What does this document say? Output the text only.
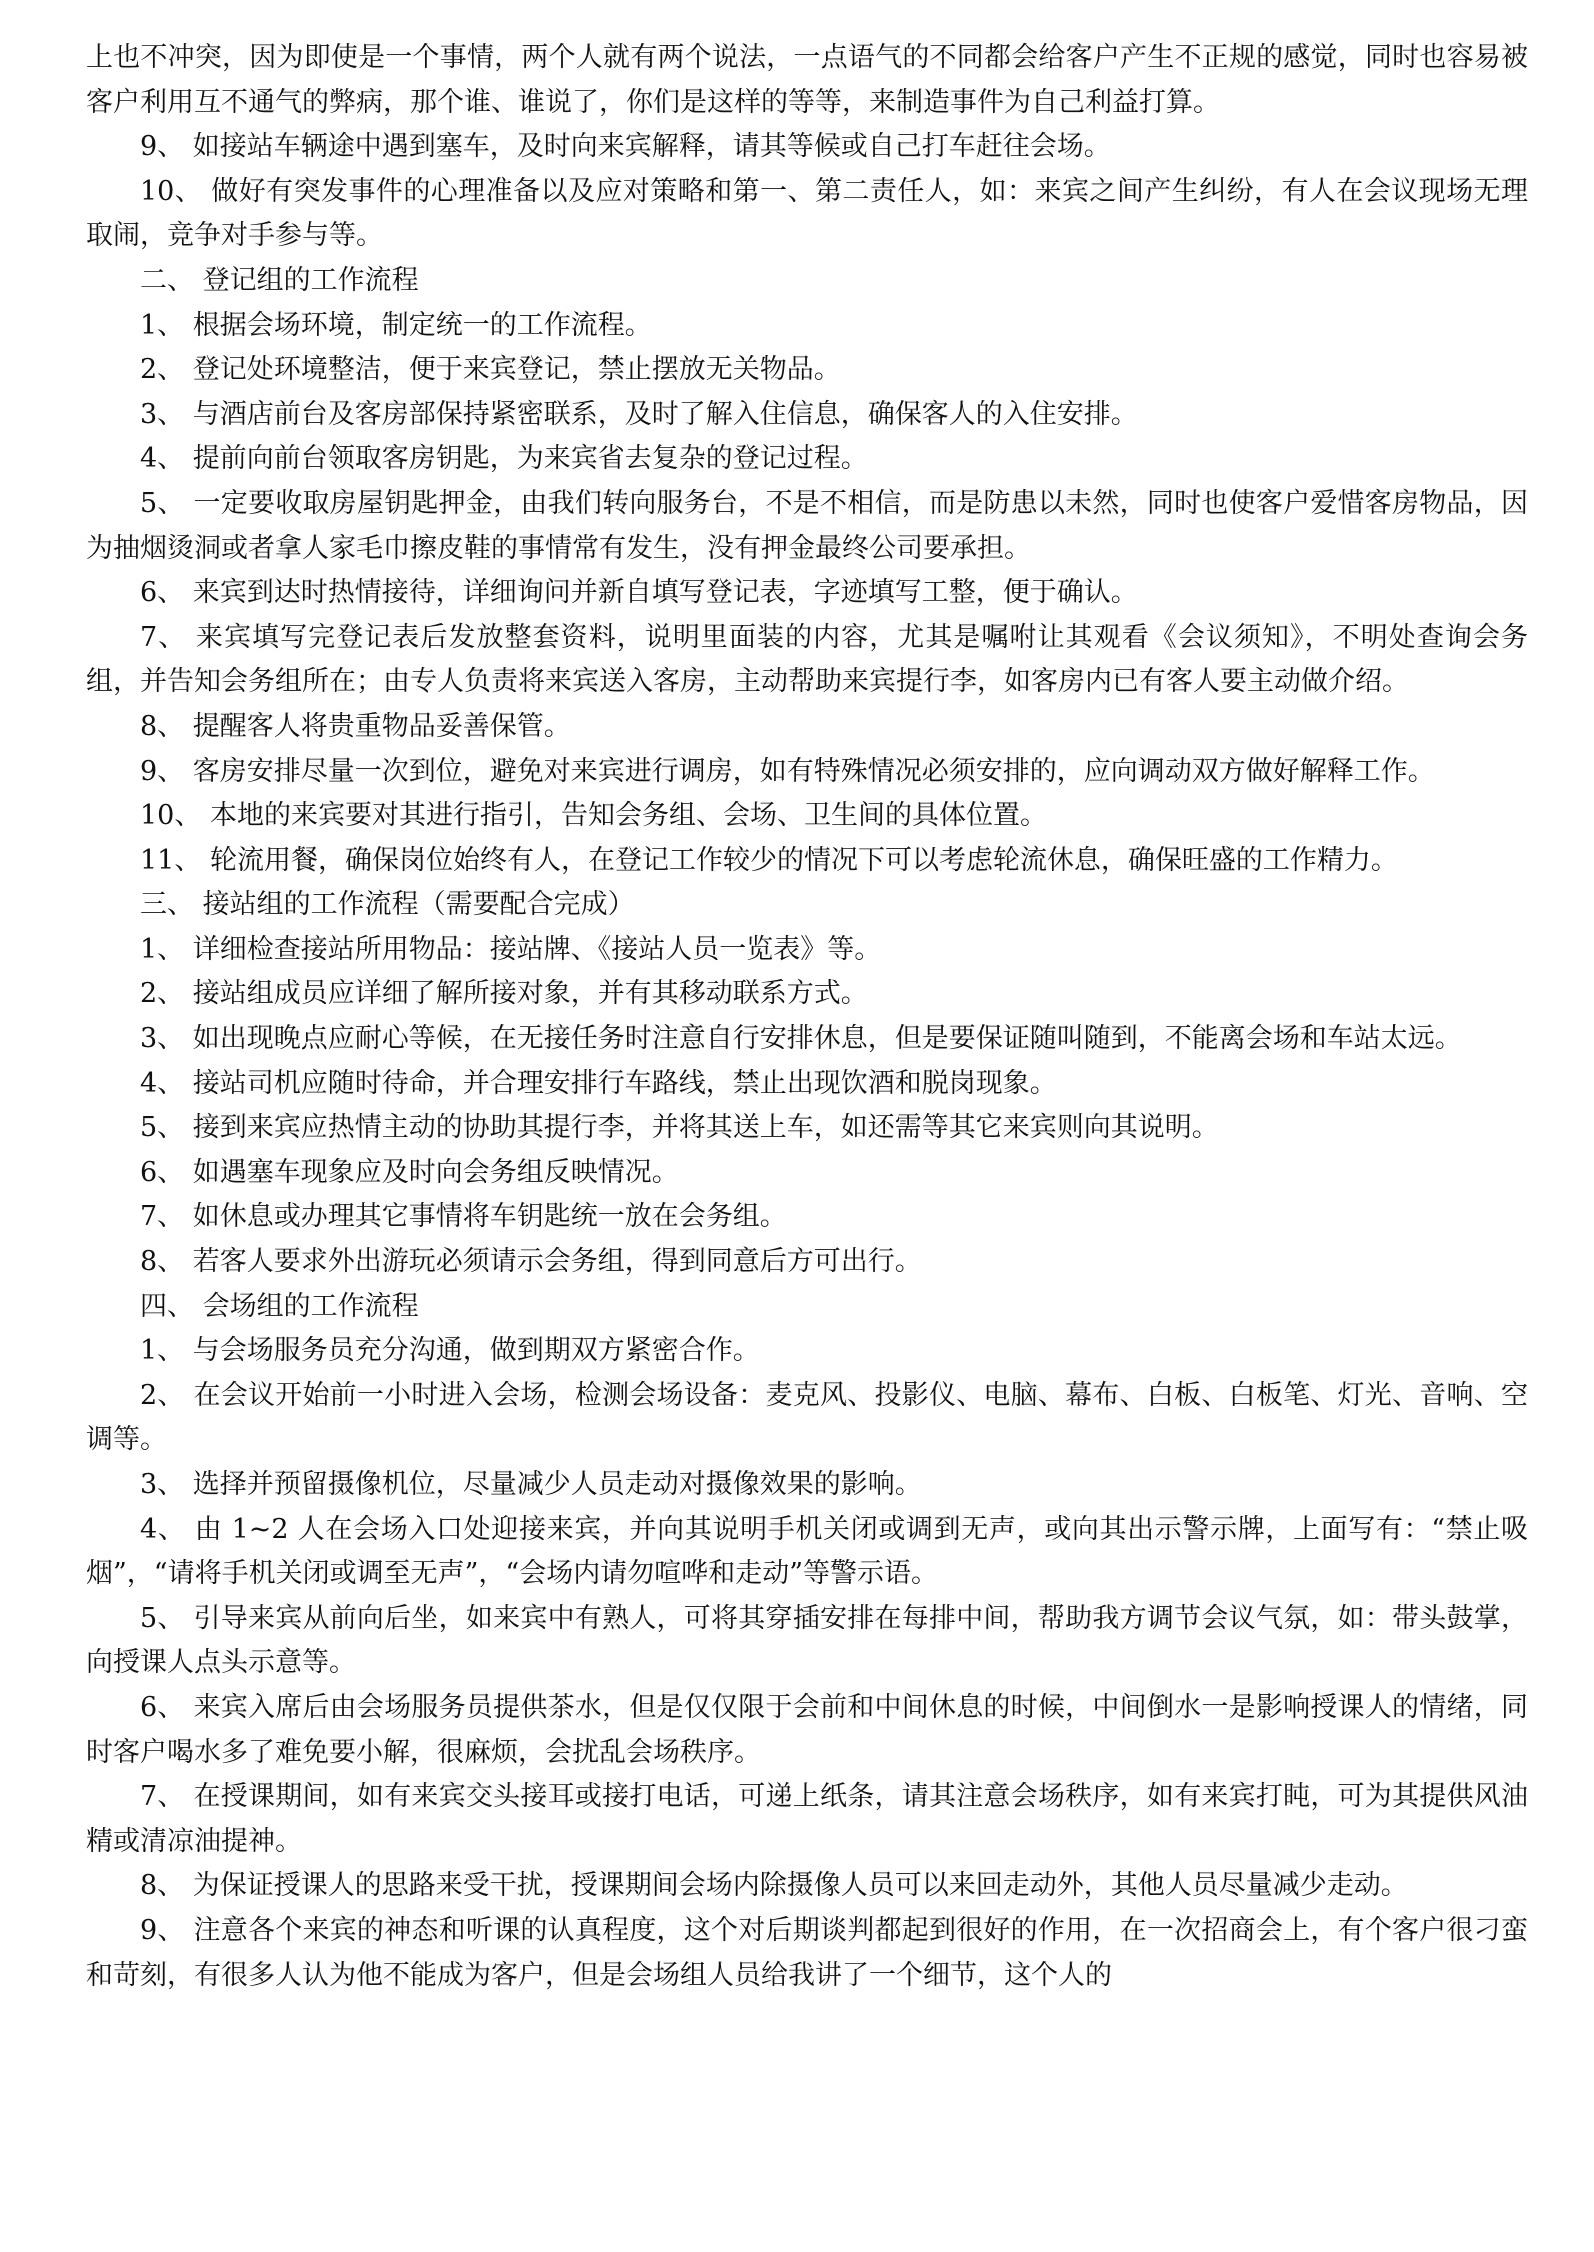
上也不冲突，因为即使是一个事情，两个人就有两个说法，一点语气的不同都会给客户产生不正规的感觉，同时也容易被客户利用互不通气的弊病，那个谁、谁说了，你们是这样的等等，来制造事件为自己利益打算。

9、 如接站车辆途中遇到塞车，及时向来宾解释，请其等候或自己打车赶往会场。

10、 做好有突发事件的心理准备以及应对策略和第一、第二责任人，如：来宾之间产生纠纷，有人在会议现场无理取闹，竞争对手参与等。

二、 登记组的工作流程

1、 根据会场环境，制定统一的工作流程。

2、 登记处环境整洁，便于来宾登记，禁止摆放无关物品。

3、 与酒店前台及客房部保持紧密联系，及时了解入住信息，确保客人的入住安排。

4、 提前向前台领取客房钥匙，为来宾省去复杂的登记过程。

5、 一定要收取房屋钥匙押金，由我们转向服务台，不是不相信，而是防患以未然，同时也使客户爱惜客房物品，因为抽烟烫洞或者拿人家毛巾擦皮鞋的事情常有发生，没有押金最终公司要承担。

6、 来宾到达时热情接待，详细询问并新自填写登记表，字迹填写工整，便于确认。

7、 来宾填写完登记表后发放整套资料，说明里面装的内容，尤其是嘱咐让其观看《会议须知》，不明处查询会务组，并告知会务组所在；由专人负责将来宾送入客房，主动帮助来宾提行李，如客房内已有客人要主动做介绍。

8、 提醒客人将贵重物品妥善保管。

9、 客房安排尽量一次到位，避免对来宾进行调房，如有特殊情况必须安排的，应向调动双方做好解释工作。

10、 本地的来宾要对其进行指引，告知会务组、会场、卫生间的具体位置。

11、 轮流用餐，确保岗位始终有人，在登记工作较少的情况下可以考虑轮流休息，确保旺盛的工作精力。

三、 接站组的工作流程（需要配合完成）

1、 详细检查接站所用物品：接站牌、《接站人员一览表》等。

2、 接站组成员应详细了解所接对象，并有其移动联系方式。

3、 如出现晚点应耐心等候，在无接任务时注意自行安排休息，但是要保证随叫随到，不能离会场和车站太远。

4、 接站司机应随时待命，并合理安排行车路线，禁止出现饮酒和脱岗现象。

5、 接到来宾应热情主动的协助其提行李，并将其送上车，如还需等其它来宾则向其说明。

6、 如遇塞车现象应及时向会务组反映情况。

7、 如休息或办理其它事情将车钥匙统一放在会务组。

8、 若客人要求外出游玩必须请示会务组，得到同意后方可出行。

四、 会场组的工作流程

1、 与会场服务员充分沟通，做到期双方紧密合作。

2、 在会议开始前一小时进入会场，检测会场设备：麦克风、投影仪、电脑、幕布、白板、白板笔、灯光、音响、空调等。

3、 选择并预留摄像机位，尽量减少人员走动对摄像效果的影响。

4、 由 1~2 人在会场入口处迎接来宾，并向其说明手机关闭或调到无声，或向其出示警示牌，上面写有：“禁止吸烟”，“请将手机关闭或调至无声”，“会场内请勿喧哗和走动”等警示语。

5、 引导来宾从前向后坐，如来宾中有熟人，可将其穿插安排在每排中间，帮助我方调节会议气氛，如：带头鼓掌，向授课人点头示意等。

6、 来宾入席后由会场服务员提供茶水，但是仅仅限于会前和中间休息的时候，中间倒水一是影响授课人的情绪，同时客户喝水多了难免要小解，很麻烦，会扰乱会场秩序。

7、 在授课期间，如有来宾交头接耳或接打电话，可递上纸条，请其注意会场秩序，如有来宾打盹，可为其提供风油精或清凉油提神。

8、 为保证授课人的思路来受干扰，授课期间会场内除摄像人员可以来回走动外，其他人员尽量减少走动。

9、 注意各个来宾的神态和听课的认真程度，这个对后期谈判都起到很好的作用，在一次招商会上，有个客户很刁蛮和苛刻，有很多人认为他不能成为客户，但是会场组人员给我讲了一个细节，这个人的
